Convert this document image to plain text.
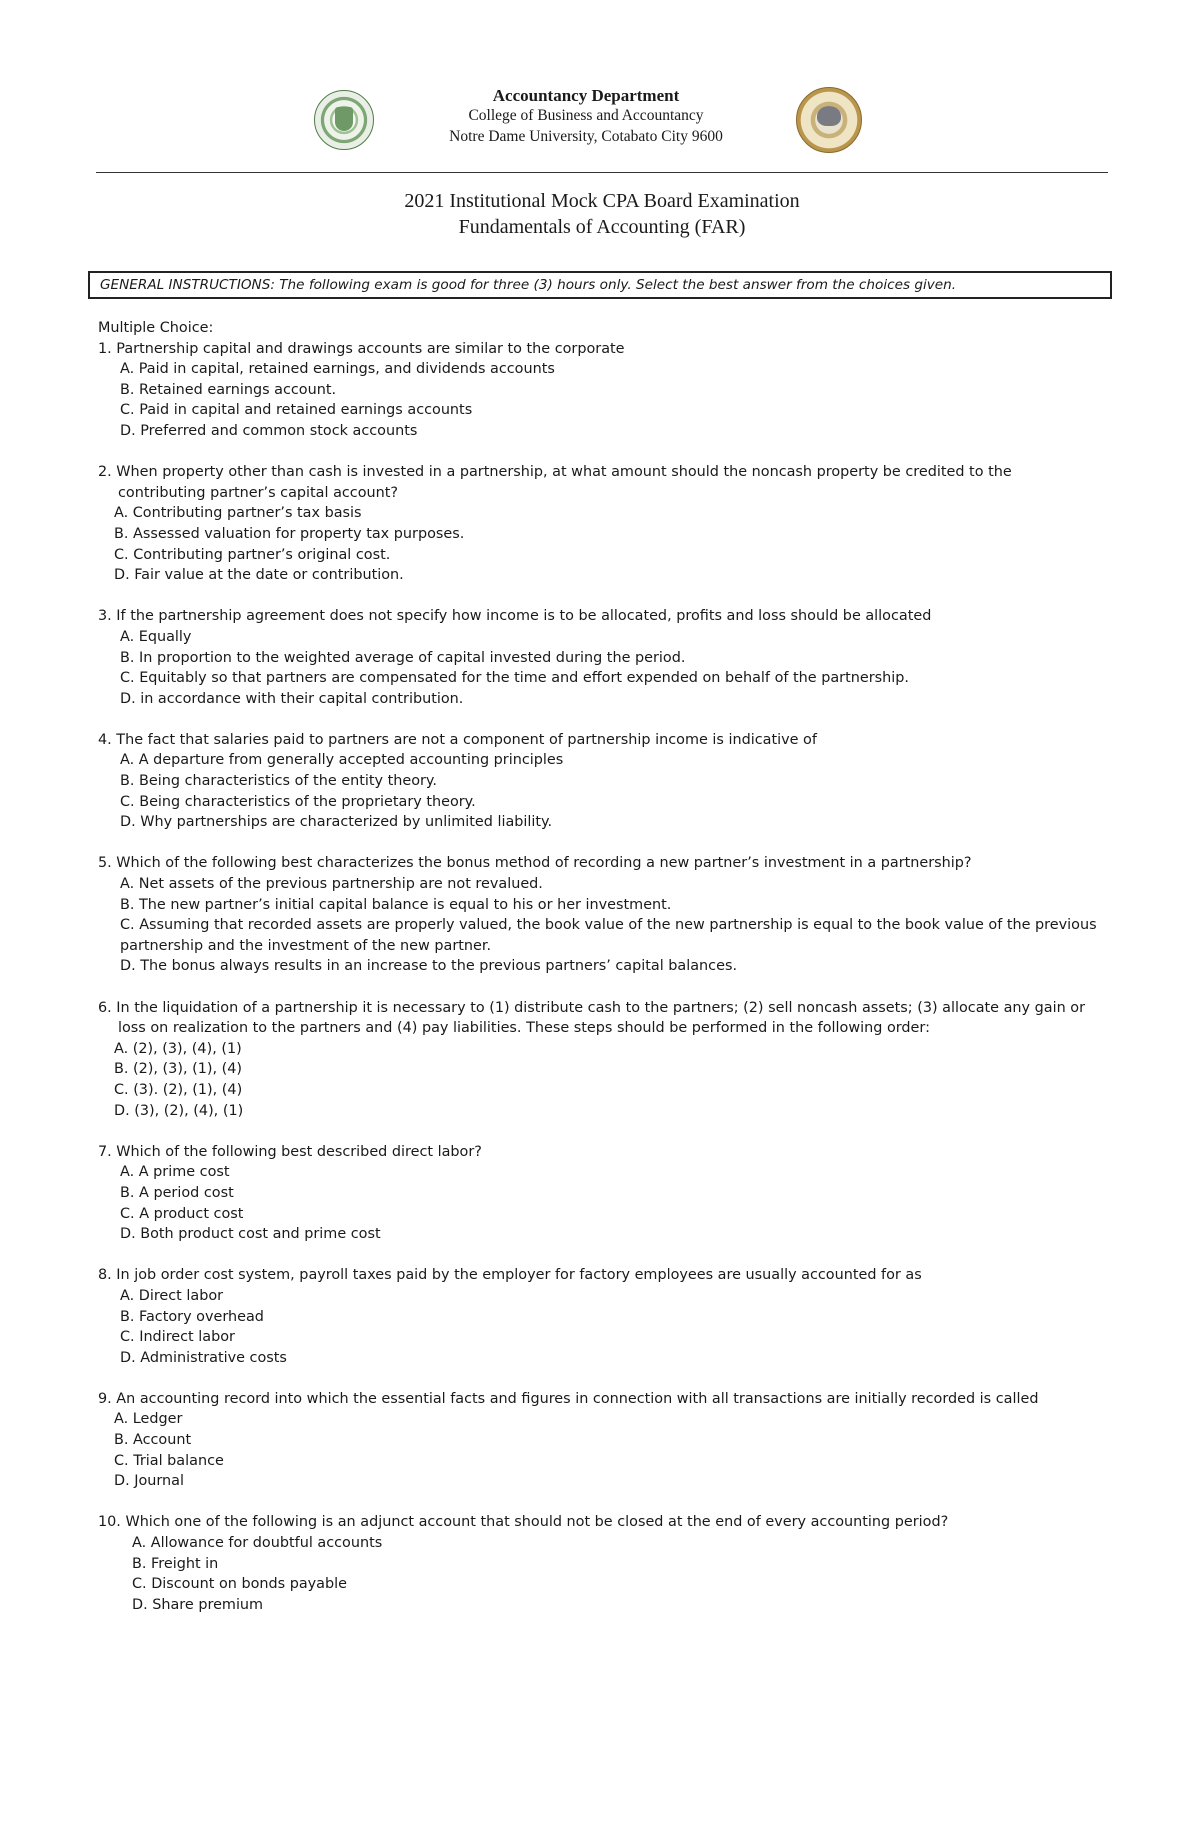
Accountancy Department
College of Business and Accountancy
Notre Dame University, Cotabato City 9600
2021 Institutional Mock CPA Board Examination
Fundamentals of Accounting (FAR)
GENERAL INSTRUCTIONS: The following exam is good for three (3) hours only. Select the best answer from the choices given.
Multiple Choice:
1. Partnership capital and drawings accounts are similar to the corporate
A. Paid in capital, retained earnings, and dividends accounts
B. Retained earnings account.
C. Paid in capital and retained earnings accounts
D. Preferred and common stock accounts
2. When property other than cash is invested in a partnership, at what amount should the noncash property be credited to the contributing partner’s capital account?
A. Contributing partner’s tax basis
B. Assessed valuation for property tax purposes.
C. Contributing partner’s original cost.
D. Fair value at the date or contribution.
3. If the partnership agreement does not specify how income is to be allocated, profits and loss should be allocated
A. Equally
B. In proportion to the weighted average of capital invested during the period.
C. Equitably so that partners are compensated for the time and effort expended on behalf of the partnership.
D. in accordance with their capital contribution.
4. The fact that salaries paid to partners are not a component of partnership income is indicative of
A. A departure from generally accepted accounting principles
B. Being characteristics of the entity theory.
C. Being characteristics of the proprietary theory.
D. Why partnerships are characterized by unlimited liability.
5. Which of the following best characterizes the bonus method of recording a new partner’s investment in a partnership?
A. Net assets of the previous partnership are not revalued.
B. The new partner’s initial capital balance is equal to his or her investment.
C. Assuming that recorded assets are properly valued, the book value of the new partnership is equal to the book value of the previous partnership and the investment of the new partner.
D. The bonus always results in an increase to the previous partners’ capital balances.
6. In the liquidation of a partnership it is necessary to (1) distribute cash to the partners; (2) sell noncash assets; (3) allocate any gain or loss on realization to the partners and (4) pay liabilities. These steps should be performed in the following order:
A. (2), (3), (4), (1)
B. (2), (3), (1), (4)
C. (3). (2), (1), (4)
D. (3), (2), (4), (1)
7. Which of the following best described direct labor?
A. A prime cost
B. A period cost
C. A product cost
D. Both product cost and prime cost
8. In job order cost system, payroll taxes paid by the employer for factory employees are usually accounted for as
A. Direct labor
B. Factory overhead
C. Indirect labor
D. Administrative costs
9. An accounting record into which the essential facts and figures in connection with all transactions are initially recorded is called
A. Ledger
B. Account
C. Trial balance
D. Journal
10. Which one of the following is an adjunct account that should not be closed at the end of every accounting period?
A. Allowance for doubtful accounts
B. Freight in
C. Discount on bonds payable
D. Share premium
